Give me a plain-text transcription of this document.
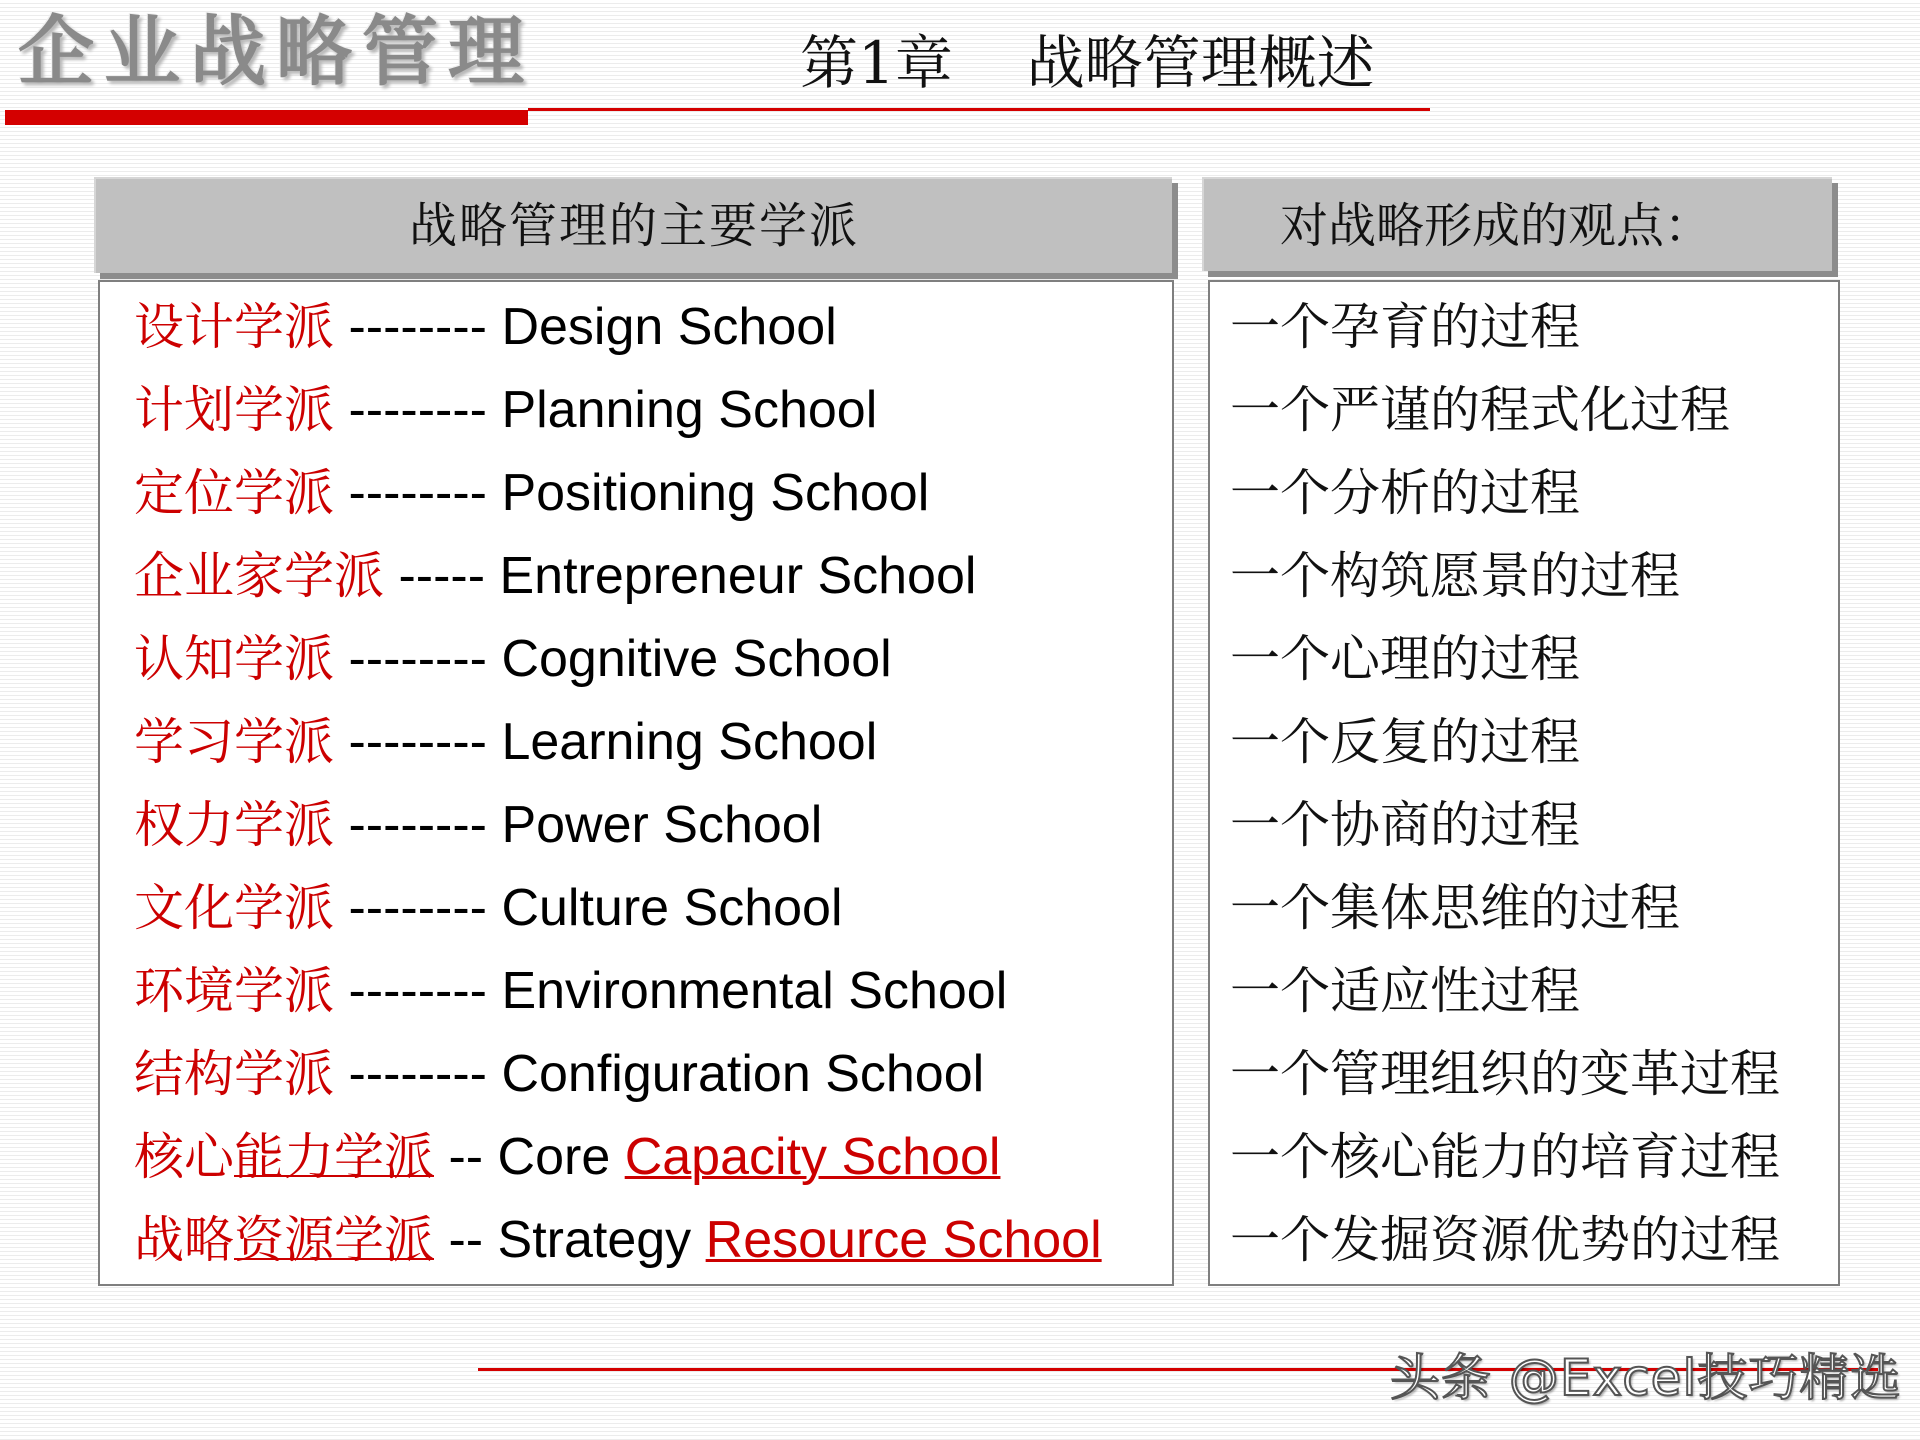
企业战略管理	第1章    战略管理概述
战略管理的主要学派	对战略形成的观点：
设计学派 -------- Design School
计划学派 -------- Planning School
定位学派 -------- Positioning School
企业家学派 ----- Entrepreneur School
认知学派 -------- Cognitive School
学习学派 -------- Learning School
权力学派 -------- Power School
文化学派 -------- Culture School
环境学派 -------- Environmental School
结构学派 -------- Configuration School
核心能力学派 -- Core Capacity School
战略资源学派 -- Strategy Resource School
一个孕育的过程
一个严谨的程式化过程
一个分析的过程
一个构筑愿景的过程
一个心理的过程
一个反复的过程
一个协商的过程
一个集体思维的过程
一个适应性过程
一个管理组织的变革过程
一个核心能力的培育过程
一个发掘资源优势的过程
头条 @Excel技巧精选
